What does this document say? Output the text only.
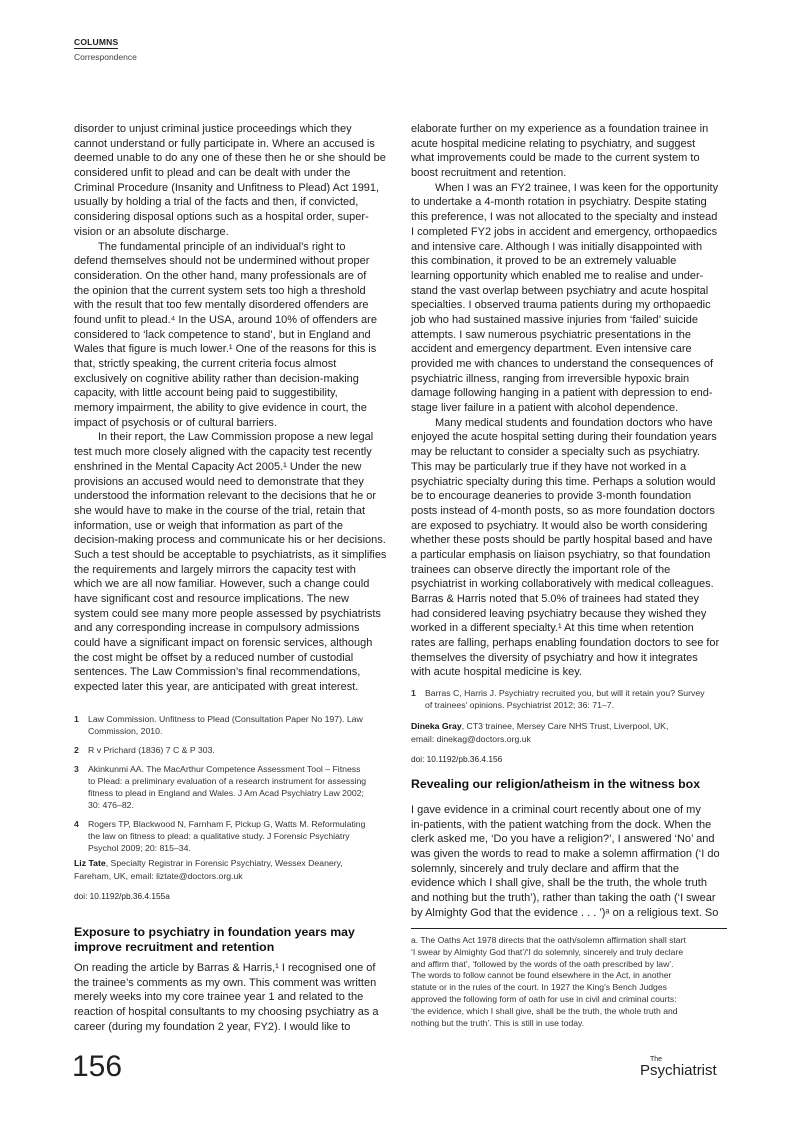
COLUMNS
Correspondence
disorder to unjust criminal justice proceedings which they
cannot understand or fully participate in. Where an accused is
deemed unable to do any one of these then he or she should be
considered unfit to plead and can be dealt with under the
Criminal Procedure (Insanity and Unfitness to Plead) Act 1991,
usually by holding a trial of the facts and then, if convicted,
considering disposal options such as a hospital order, super-
vision or an absolute discharge.
The fundamental principle of an individual’s right to
defend themselves should not be undermined without proper
consideration. On the other hand, many professionals are of
the opinion that the current system sets too high a threshold
with the result that too few mentally disordered offenders are
found unfit to plead.⁴ In the USA, around 10% of offenders are
considered to ‘lack competence to stand’, but in England and
Wales that figure is much lower.¹ One of the reasons for this is
that, strictly speaking, the current criteria focus almost
exclusively on cognitive ability rather than decision-making
capacity, with little account being paid to suggestibility,
memory impairment, the ability to give evidence in court, the
impact of psychosis or of cultural barriers.
In their report, the Law Commission propose a new legal
test much more closely aligned with the capacity test recently
enshrined in the Mental Capacity Act 2005.¹ Under the new
provisions an accused would need to demonstrate that they
understood the information relevant to the decisions that he or
she would have to make in the course of the trial, retain that
information, use or weigh that information as part of the
decision-making process and communicate his or her decisions.
Such a test should be acceptable to psychiatrists, as it simplifies
the requirements and largely mirrors the capacity test with
which we are all now familiar. However, such a change could
have significant cost and resource implications. The new
system could see many more people assessed by psychiatrists
and any corresponding increase in compulsory admissions
could have a significant impact on forensic services, although
the cost might be offset by a reduced number of custodial
sentences. The Law Commission’s final recommendations,
expected later this year, are anticipated with great interest.
1 Law Commission. Unfitness to Plead (Consultation Paper No 197). Law
Commission, 2010.
2 R v Prichard (1836) 7 C & P 303.
3 Akinkunmi AA. The MacArthur Competence Assessment Tool – Fitness
to Plead: a preliminary evaluation of a research instrument for assessing
fitness to plead in England and Wales. J Am Acad Psychiatry Law 2002;
30: 476–82.
4 Rogers TP, Blackwood N, Farnham F, Pickup G, Watts M. Reformulating
the law on fitness to plead: a qualitative study. J Forensic Psychiatry
Psychol 2009; 20: 815–34.
Liz Tate, Specialty Registrar in Forensic Psychiatry, Wessex Deanery,
Fareham, UK, email: liztate@doctors.org.uk
doi: 10.1192/pb.36.4.155a
Exposure to psychiatry in foundation years may
improve recruitment and retention
On reading the article by Barras & Harris,¹ I recognised one of
the trainee’s comments as my own. This comment was written
merely weeks into my core trainee year 1 and related to the
reaction of hospital consultants to my choosing psychiatry as a
career (during my foundation 2 year, FY2). I would like to
156
elaborate further on my experience as a foundation trainee in
acute hospital medicine relating to psychiatry, and suggest
what improvements could be made to the current system to
boost recruitment and retention.
When I was an FY2 trainee, I was keen for the opportunity
to undertake a 4-month rotation in psychiatry. Despite stating
this preference, I was not allocated to the specialty and instead
I completed FY2 jobs in accident and emergency, orthopaedics
and intensive care. Although I was initially disappointed with
this combination, it proved to be an extremely valuable
learning opportunity which enabled me to realise and under-
stand the vast overlap between psychiatry and acute hospital
specialties. I observed trauma patients during my orthopaedic
job who had sustained massive injuries from ‘failed’ suicide
attempts. I saw numerous psychiatric presentations in the
accident and emergency department. Even intensive care
provided me with chances to understand the consequences of
psychiatric illness, ranging from irreversible hypoxic brain
damage following hanging in a patient with depression to end-
stage liver failure in a patient with alcohol dependence.
Many medical students and foundation doctors who have
enjoyed the acute hospital setting during their foundation years
may be reluctant to consider a specialty such as psychiatry.
This may be particularly true if they have not worked in a
psychiatric specialty during this time. Perhaps a solution would
be to encourage deaneries to provide 3-month foundation
posts instead of 4-month posts, so as more foundation doctors
are exposed to psychiatry. It would also be worth considering
whether these posts should be partly hospital based and have
a particular emphasis on liaison psychiatry, so that foundation
trainees can observe directly the important role of the
psychiatrist in working collaboratively with medical colleagues.
Barras & Harris noted that 5.0% of trainees had stated they
had considered leaving psychiatry because they wished they
worked in a different specialty.¹ At this time when retention
rates are falling, perhaps enabling foundation doctors to see for
themselves the diversity of psychiatry and how it integrates
with acute hospital medicine is key.
1 Barras C, Harris J. Psychiatry recruited you, but will it retain you? Survey
of trainees’ opinions. Psychiatrist 2012; 36: 71–7.
Dineka Gray, CT3 trainee, Mersey Care NHS Trust, Liverpool, UK,
email: dinekag@doctors.org.uk
doi: 10.1192/pb.36.4.156
Revealing our religion/atheism in the witness box
I gave evidence in a criminal court recently about one of my
in-patients, with the patient watching from the dock. When the
clerk asked me, ‘Do you have a religion?’, I answered ‘No’ and
was given the words to read to make a solemn affirmation (‘I do
solemnly, sincerely and truly declare and affirm that the
evidence which I shall give, shall be the truth, the whole truth
and nothing but the truth’), rather than taking the oath (‘I swear
by Almighty God that the evidence . . . ’)ᵃ on a religious text. So
a. The Oaths Act 1978 directs that the oath/solemn affirmation shall start
‘I swear by Almighty God that’/‘I do solemnly, sincerely and truly declare
and affirm that’, ‘followed by the words of the oath prescribed by law’.
The words to follow cannot be found elsewhere in the Act, in another
statute or in the rules of the court. In 1927 the King’s Bench Judges
approved the following form of oath for use in civil and criminal courts:
‘the evidence, which I shall give, shall be the truth, the whole truth and
nothing but the truth’. This is still in use today.
The
Psychiatrist
